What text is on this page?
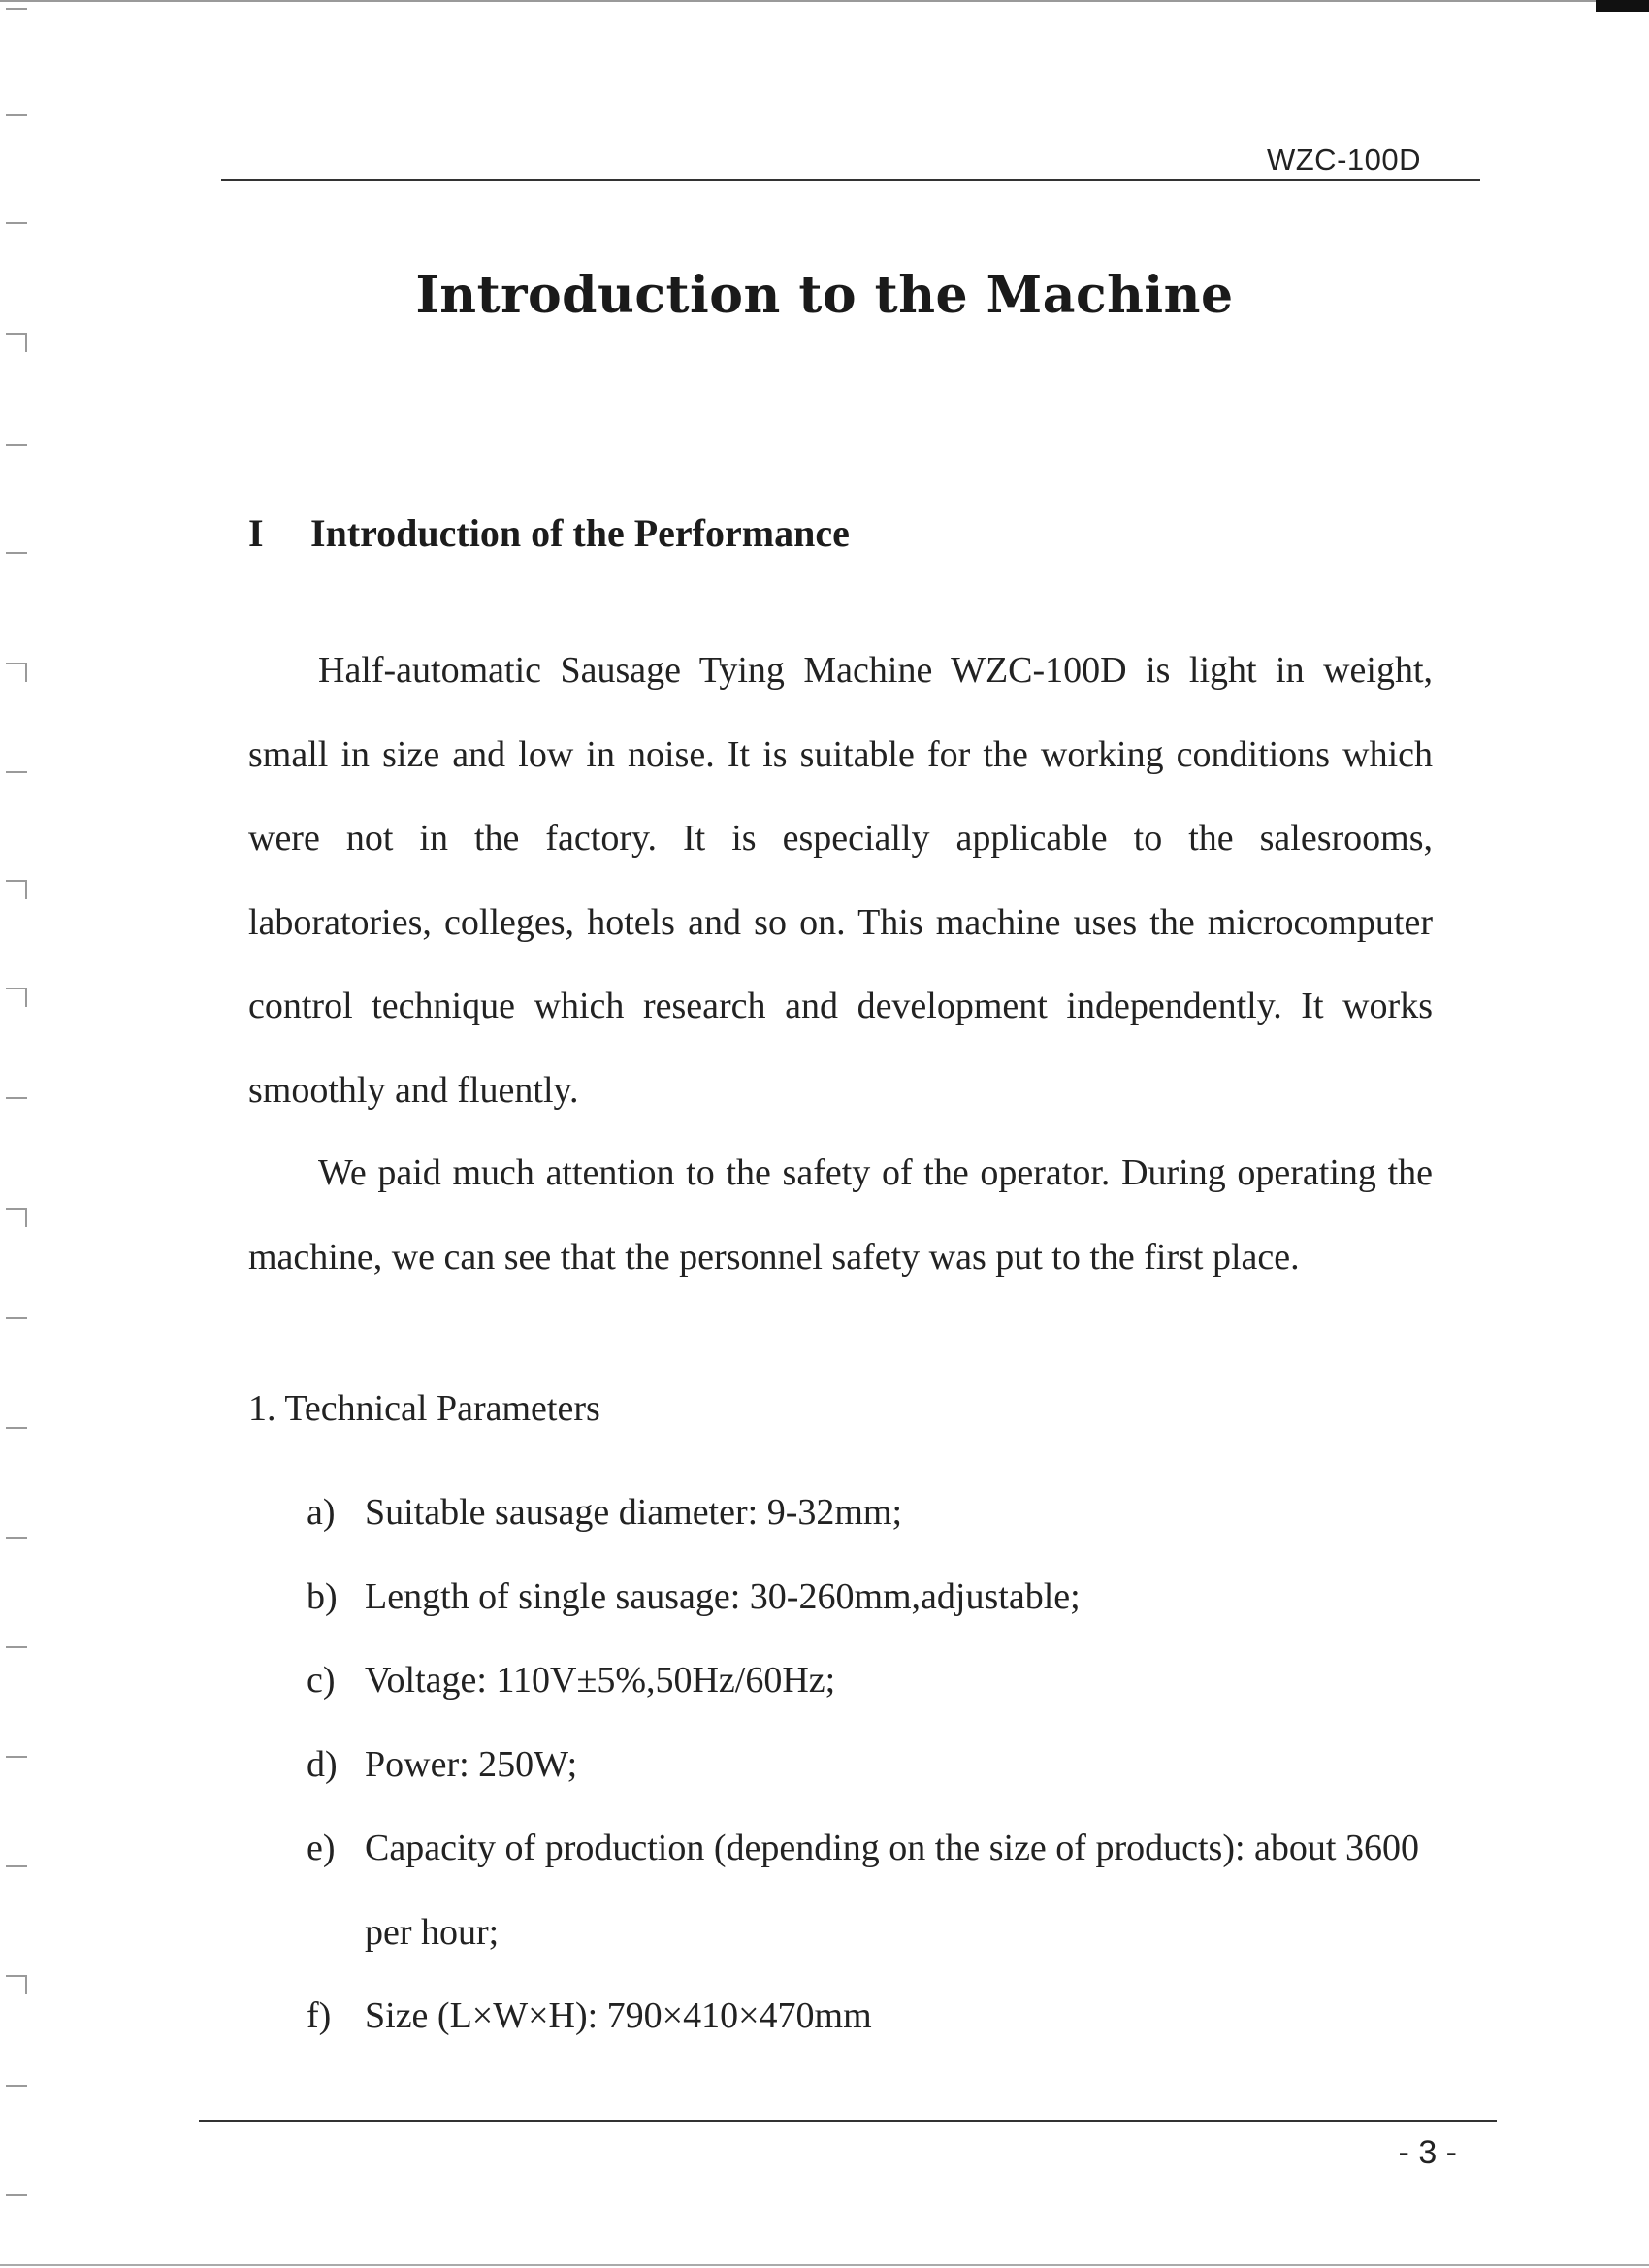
WZC-100D
Introduction to the Machine
I Introduction of the Performance
Half-automatic Sausage Tying Machine WZC-100D is light in weight, small in size and low in noise. It is suitable for the working conditions which were not in the factory. It is especially applicable to the salesrooms, laboratories, colleges, hotels and so on. This machine uses the microcomputer control technique which research and development independently. It works smoothly and fluently.
We paid much attention to the safety of the operator. During operating the machine, we can see that the personnel safety was put to the first place.
1. Technical Parameters
a) Suitable sausage diameter: 9-32mm;
b) Length of single sausage: 30-260mm,adjustable;
c) Voltage: 110V±5%,50Hz/60Hz;
d) Power: 250W;
e) Capacity of production (depending on the size of products): about 3600 per hour;
f) Size (L×W×H): 790×410×470mm
- 3 -
